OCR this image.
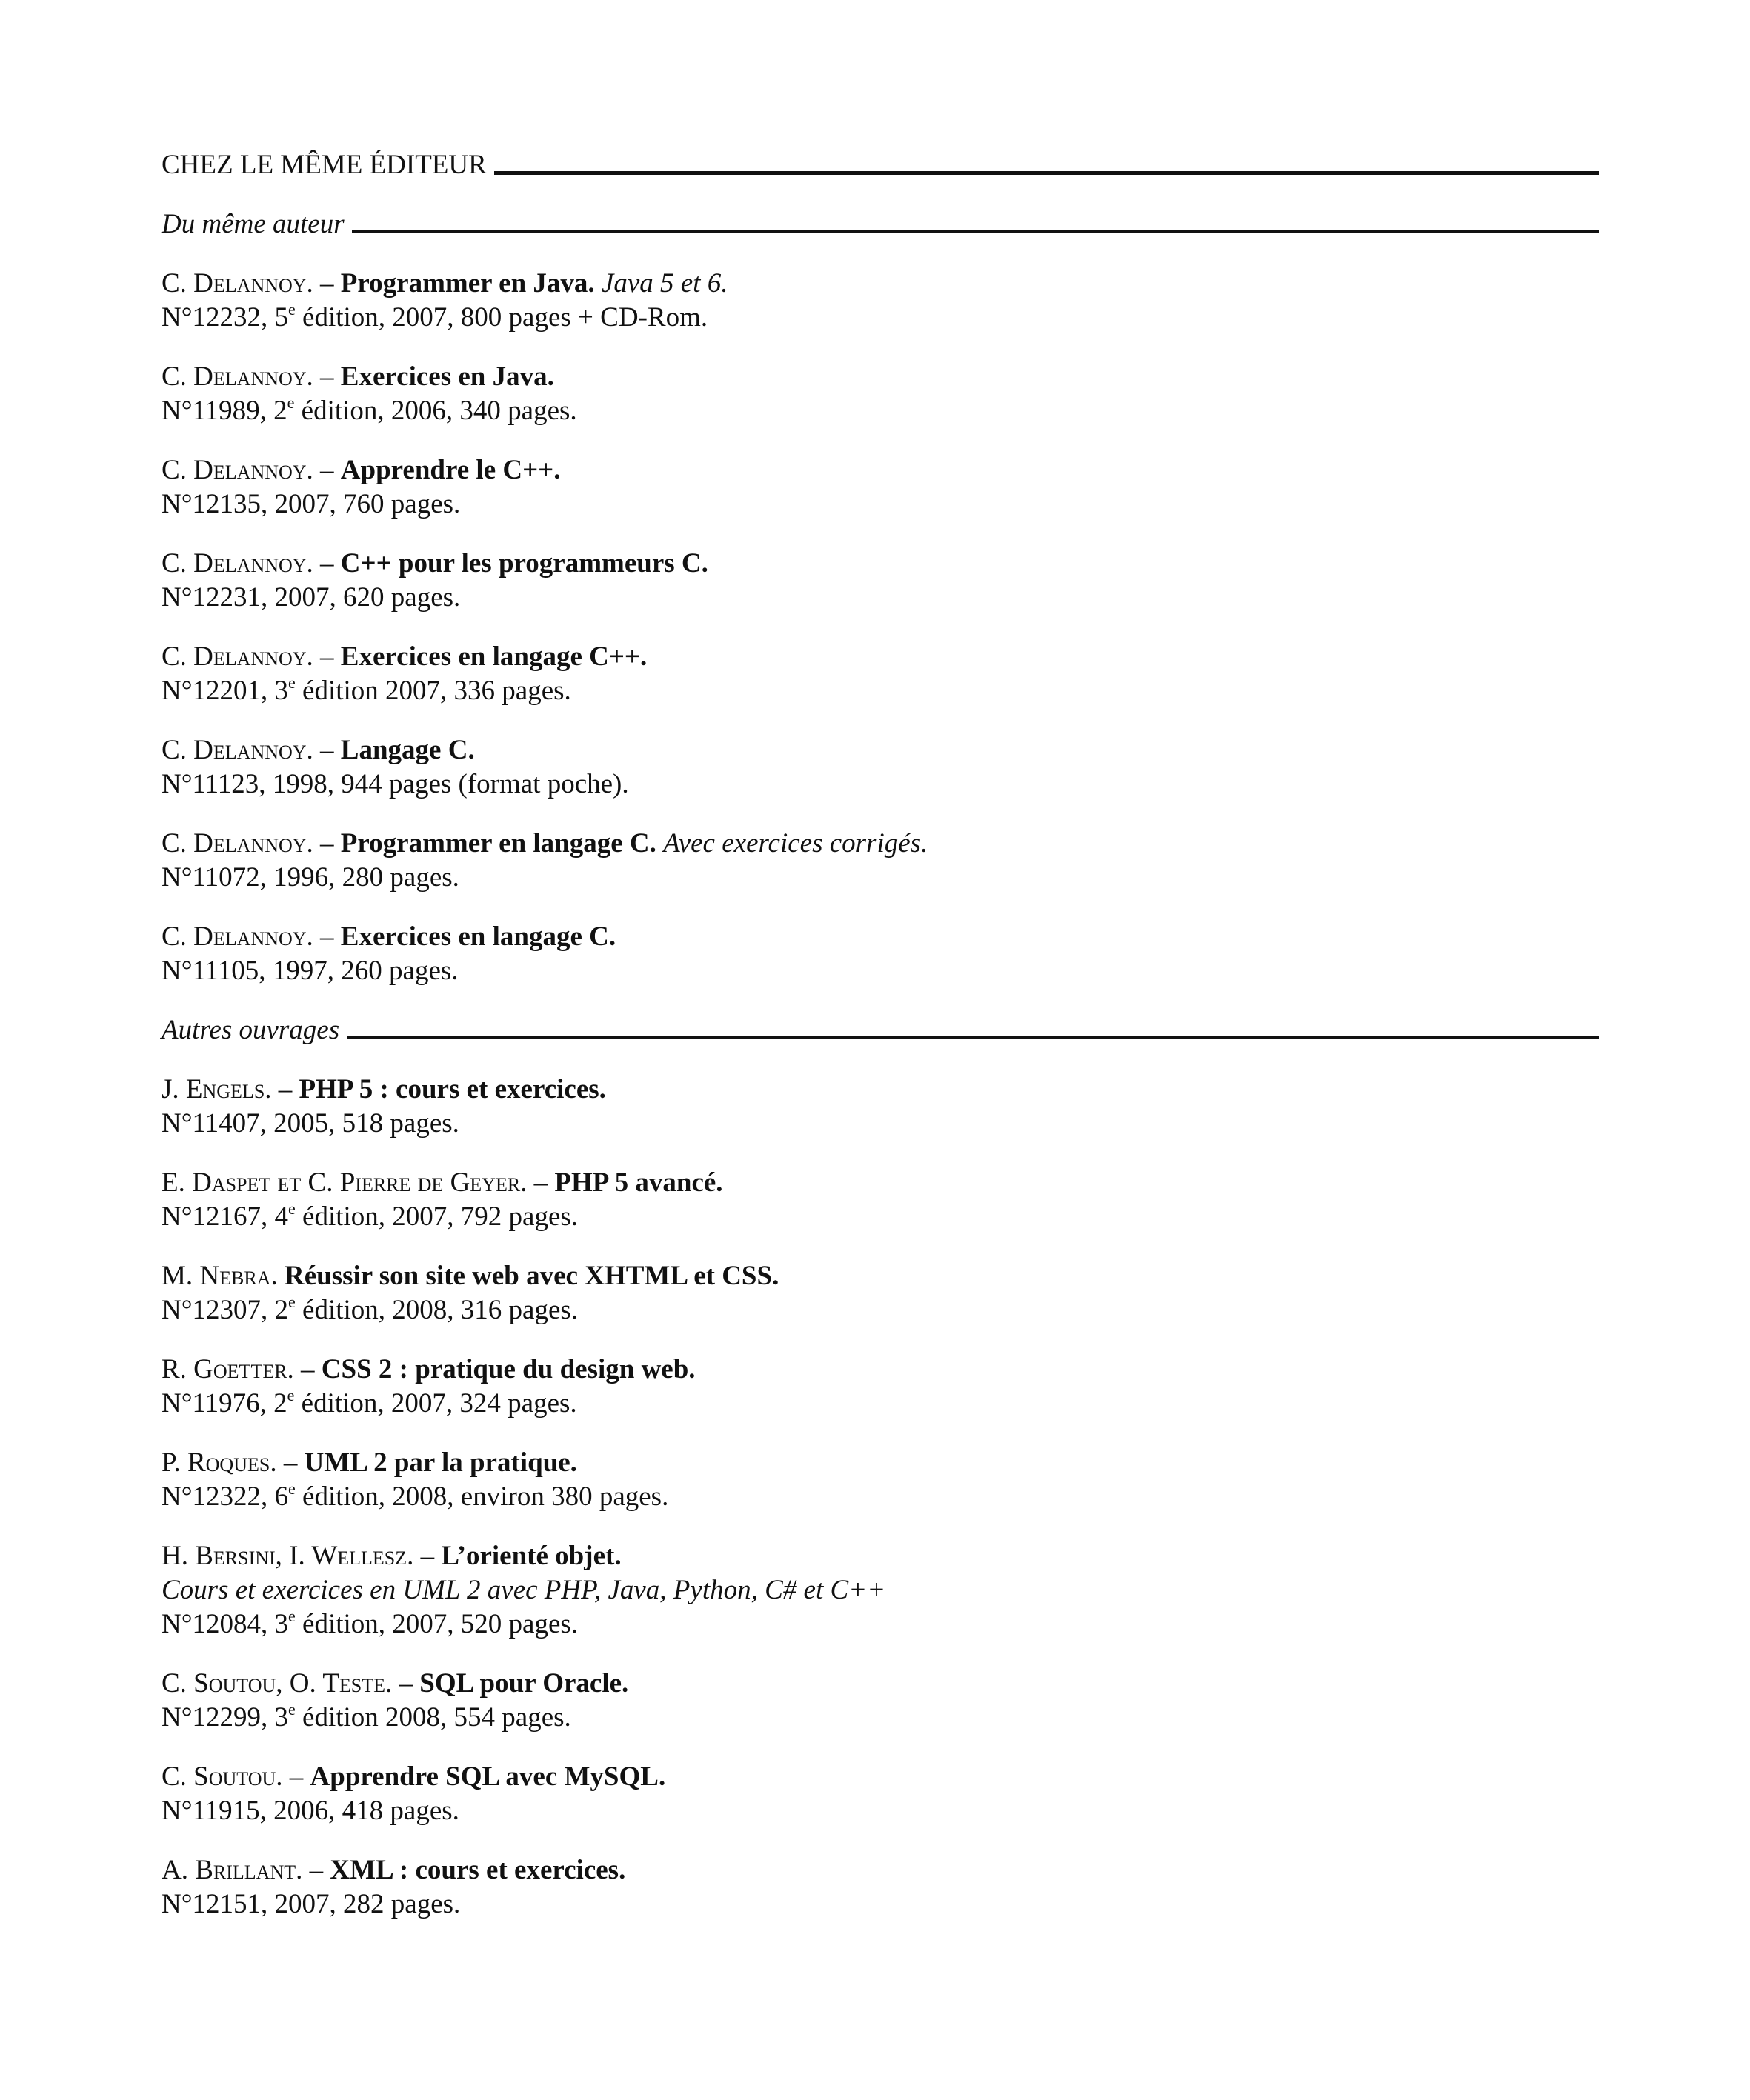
CHEZ LE MÊME ÉDITEUR
Du même auteur
C. Delannoy. – Programmer en Java. Java 5 et 6.
N°12232, 5e édition, 2007, 800 pages + CD-Rom.
C. Delannoy. – Exercices en Java.
N°11989, 2e édition, 2006, 340 pages.
C. Delannoy. – Apprendre le C++.
N°12135, 2007, 760 pages.
C. Delannoy. – C++ pour les programmeurs C.
N°12231, 2007, 620 pages.
C. Delannoy. – Exercices en langage C++.
N°12201, 3e édition 2007, 336 pages.
C. Delannoy. – Langage C.
N°11123, 1998, 944 pages (format poche).
C. Delannoy. – Programmer en langage C. Avec exercices corrigés.
N°11072, 1996, 280 pages.
C. Delannoy. – Exercices en langage C.
N°11105, 1997, 260 pages.
Autres ouvrages
J. Engels. – PHP 5 : cours et exercices.
N°11407, 2005, 518 pages.
E. Daspet et C. Pierre de Geyer. – PHP 5 avancé.
N°12167, 4e édition, 2007, 792 pages.
M. Nebra. Réussir son site web avec XHTML et CSS.
N°12307, 2e édition, 2008, 316 pages.
R. Goetter. – CSS 2 : pratique du design web.
N°11976, 2e édition, 2007, 324 pages.
P. Roques. – UML 2 par la pratique.
N°12322, 6e édition, 2008, environ 380 pages.
H. Bersini, I. Wellesz. – L’orienté objet.
Cours et exercices en UML 2 avec PHP, Java, Python, C# et C++
N°12084, 3e édition, 2007, 520 pages.
C. Soutou, O. Teste. – SQL pour Oracle.
N°12299, 3e édition 2008, 554 pages.
C. Soutou. – Apprendre SQL avec MySQL.
N°11915, 2006, 418 pages.
A. Brillant. – XML : cours et exercices.
N°12151, 2007, 282 pages.
